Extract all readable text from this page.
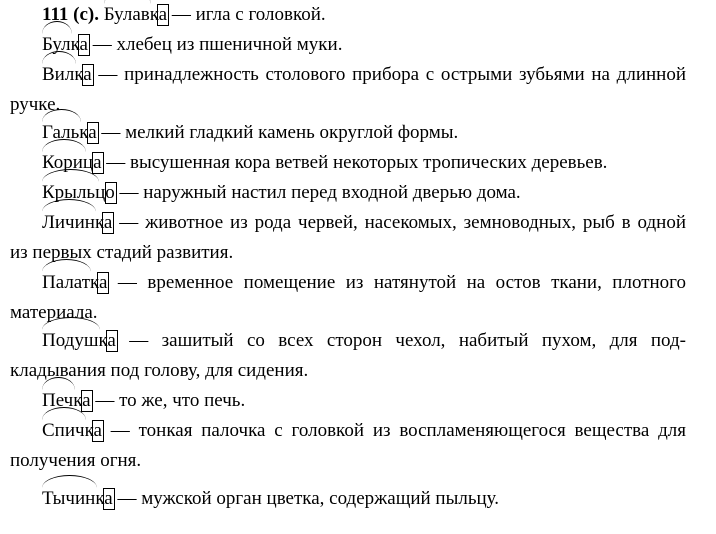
111 (с). Булавка
— игла с головкой.

Булка
— хлебец из пшеничной муки.

Вилка
— принадлежность столового прибора с острыми зубьями на длинной ручке.

Галька
— мелкий гладкий камень округлой формы.

Корица
— высушенная кора ветвей некоторых тропических деревьев.

Крыльцо
— наружный настил перед входной дверью дома.

Личинка
— животное из рода червей, насекомых, земноводных, рыб в одной из первых стадий развития.

Палатка
— временное помещение из натянутой на остов ткани, плотного материала.

Подушка
— зашитый со всех сторон чехол, набитый пухом, для подкладывания под голову, для сидения.

Печка
— то же, что печь.

Спичка
— тонкая палочка с головкой из воспламеняющегося вещества для получения огня.

Тычинка
— мужской орган цветка, содержащий пыльцу.
